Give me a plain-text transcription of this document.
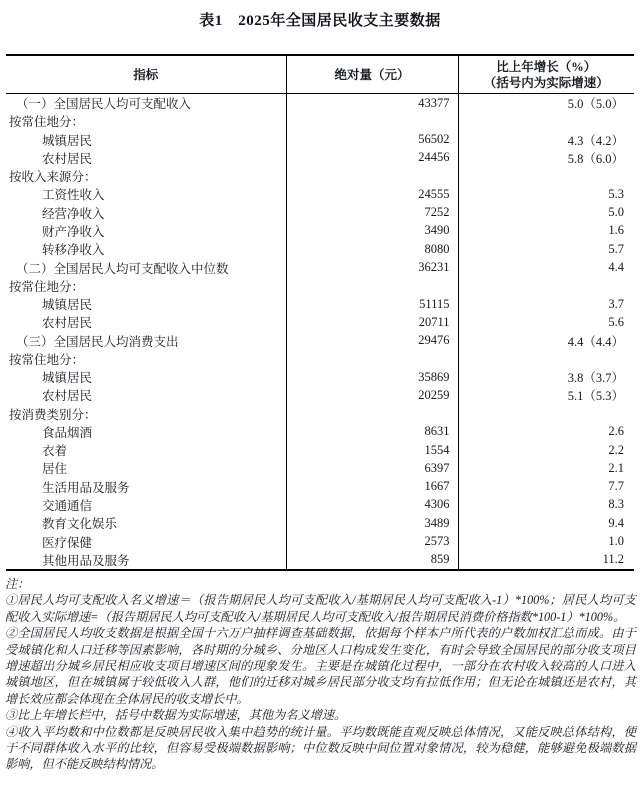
表1　2025年全国居民收支主要数据
指标	绝对量（元）	比上年增长（%）
（括号内为实际增速）

（一）全国居民人均可支配收入	43377	5.0（5.0）
按常住地分：		
城镇居民	56502	4.3（4.2）
农村居民	24456	5.8（6.0）
按收入来源分：		
工资性收入	24555	5.3
经营净收入	7252	5.0
财产净收入	3490	1.6
转移净收入	8080	5.7
（二）全国居民人均可支配收入中位数	36231	4.4
按常住地分：		
城镇居民	51115	3.7
农村居民	20711	5.6
（三）全国居民人均消费支出	29476	4.4（4.4）
按常住地分：		
城镇居民	35869	3.8（3.7）
农村居民	20259	5.1（5.3）
按消费类别分：		
食品烟酒	8631	2.6
衣着	1554	2.2
居住	6397	2.1
生活用品及服务	1667	7.7
交通通信	4306	8.3
教育文化娱乐	3489	9.4
医疗保健	2573	1.0
其他用品及服务	859	11.2
注：
①居民人均可支配收入名义增速＝（报告期居民人均可支配收入/基期居民人均可支配收入-1）*100%；居民人均可支配收入实际增速=（报告期居民人均可支配收入/基期居民人均可支配收入/报告期居民消费价格指数*100-1）*100%。
②全国居民人均收支数据是根据全国十六万户抽样调查基础数据，依据每个样本户所代表的户数加权汇总而成。由于受城镇化和人口迁移等因素影响，各时期的分城乡、分地区人口构成发生变化，有时会导致全国居民的部分收支项目增速超出分城乡居民相应收支项目增速区间的现象发生。主要是在城镇化过程中，一部分在农村收入较高的人口进入城镇地区，但在城镇属于较低收入人群，他们的迁移对城乡居民部分收支均有拉低作用；但无论在城镇还是农村，其增长效应都会体现在全体居民的收支增长中。
③比上年增长栏中，括号中数据为实际增速，其他为名义增速。
④收入平均数和中位数都是反映居民收入集中趋势的统计量。平均数既能直观反映总体情况，又能反映总体结构，便于不同群体收入水平的比较，但容易受极端数据影响；中位数反映中间位置对象情况，较为稳健，能够避免极端数据影响，但不能反映结构情况。
